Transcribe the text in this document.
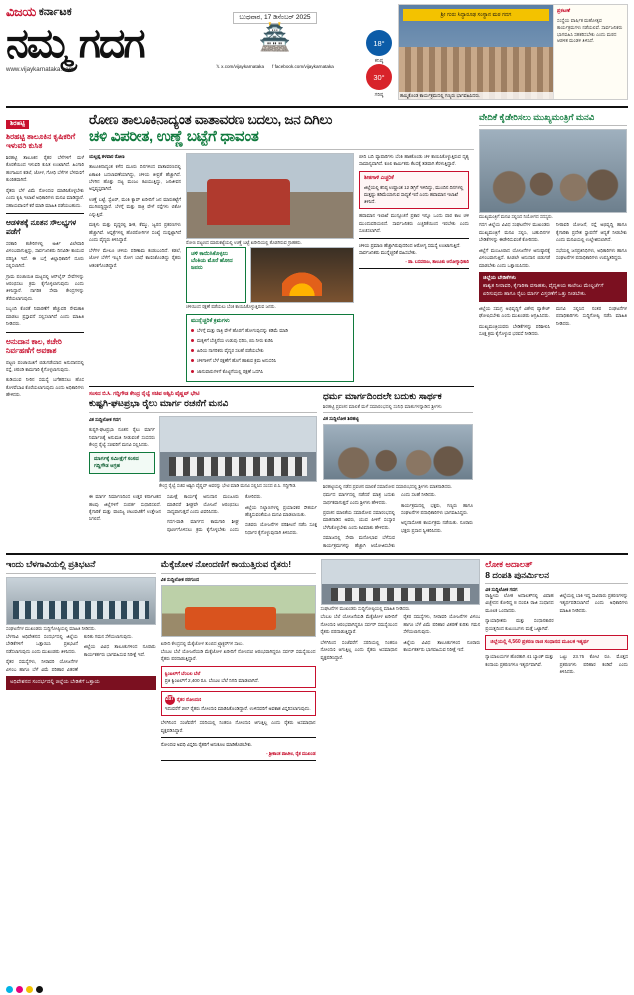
ವಿಜಯ ಕರ್ನಾಟಕ
ನಮ್ಮ ಗದಗ
www.vijaykarnataka.com
ಬುಧವಾರ, 17 ಡಿಸೆಂಬರ್ 2025
🏯	18°
ಕನಿಷ್ಠ
30°
ಗರಿಷ್ಠ
𝕏 x.com/vijaykarnataka f facebook.com/vijaykarnataka
ಶ್ರೀ ಗುರು ಸಿದ್ಧಾರೂಢ ಸಂಸ್ಥಾನ ಮಠ ಗದಗ
ಹಮ್ಮಿಕೊಂಡ ಕಾರ್ಯಕ್ರಮದಲ್ಲಿ ಗಣ್ಯರು ಭಾಗವಹಿಸಿದರು.
ಪ್ರಕಟಣೆ
ಸಂಸ್ಥೆಯ ವಾರ್ಷಿಕ ಮಹೋತ್ಸವ ಕಾರ್ಯಕ್ರಮಗಳು ನಡೆಯಲಿವೆ. ಸಾರ್ವಜನಿಕರು ಭಾಗವಹಿಸಿ ಸಹಕರಿಸಬೇಕು ಎಂದು ಮಠದ ಆಡಳಿತ ಮಂಡಳಿ ತಿಳಿಸಿದೆ.
ಶಿರಹಟ್ಟಿ
ಶಿರಹಟ್ಟಿ ತಾಲೂಕಿನ ಕೃಷಿಕರಿಗೆ ಇಳುವರಿ ಕುಸಿತ

ಶಿರಹಟ್ಟಿ ತಾಲೂಕಿನ ರೈತರ ಬೆಳೆಗಳಿಗೆ ಮಳೆ ಕೊರತೆಯಿಂದ ಇಳುವರಿ ಕುಸಿತ ಉಂಟಾಗಿದೆ. ಹಿಂಗಾರಿ ಹಂಗಾಮಿನ ಕಡಲೆ, ಜೋಳ, ಗೋಧಿ ಬೆಳೆಗಳ ಬೆಳವಣಿಗೆ ಕುಂಠಿತವಾಗಿದೆ.

ರೈತರು ಬೆಳೆ ವಿಮೆ ನೋಂದಣಿ ಮಾಡಿಸಿಕೊಳ್ಳಬೇಕು ಎಂದು ಕೃಷಿ ಇಲಾಖೆ ಅಧಿಕಾರಿಗಳು ಮನವಿ ಮಾಡಿದ್ದಾರೆ. ಸಹಾಯವಾಣಿಗೆ ಕರೆ ಮಾಡಿ ಮಾಹಿತಿ ಪಡೆಯಬಹುದು.

ಆಡಳಿತಕ್ಕೆ ನೂತನ ಸೌಲಭ್ಯಗಳ ಪಡೆಗೆ

ಸರಕಾರಿ ಕಚೇರಿಗಳಲ್ಲಿ ಅರ್ಜಿ ವಿಲೇವಾರಿ ವಿಳಂಬವಾಗುತ್ತಿದ್ದು, ಸಾರ್ವಜನಿಕರು ದಿನವಿಡೀ ಕಾಯುವ ಪರಿಸ್ಥಿತಿ ಇದೆ. ಈ ಬಗ್ಗೆ ಜಿಲ್ಲಾಧಿಕಾರಿಗೆ ದೂರು ಸಲ್ಲಿಸಲಾಗಿದೆ.

ಗ್ರಾಮ ಪಂಚಾಯಿತಿ ಮಟ್ಟದಲ್ಲಿ ಆನ್‌ಲೈನ್ ಸೇವೆಗಳನ್ನು ಆರಂಭಿಸಲು ಕ್ರಮ ಕೈಗೊಳ್ಳಲಾಗುವುದು ಎಂದು ತಿಳಿಸಿದ್ದಾರೆ. ನಾಗರಿಕ ಸೇವಾ ಕೇಂದ್ರಗಳನ್ನು ತೆರೆಯಲಾಗುವುದು.

ಸಿಬ್ಬಂದಿ ಕೊರತೆ ನಿವಾರಣೆಗೆ ಹೆಚ್ಚುವರಿ ನೇಮಕಾತಿ ಮಾಡಲು ಪ್ರಸ್ತಾವನೆ ಸಲ್ಲಿಸಲಾಗಿದೆ ಎಂದು ಮಾಹಿತಿ ನೀಡಿದರು.

ಅನುದಾನ ಕಾಲ, ಕಚೇರಿ ನಿರ್ವಹಣೆಗೆ ಅವಕಾಶ

ಪಟ್ಟಣ ಪಂಚಾಯಿತಿಗೆ ಬಿಡುಗಡೆಯಾದ ಅನುದಾನದಲ್ಲಿ ರಸ್ತೆ, ಚರಂಡಿ ಕಾಮಗಾರಿ ಕೈಗೊಳ್ಳಲಾಗುವುದು.

ಕುಡಿಯುವ ನೀರಿನ ಸಮಸ್ಯೆ ಬಗೆಹರಿಸಲು ಹೊಸ ಕೊಳವೆಬಾವಿ ಕೊರೆಯಲಾಗುವುದು ಎಂದು ಅಧಿಕಾರಿಗಳು ಹೇಳಿದರು.

ರೋಣ ತಾಲೂಕಿನಾದ್ಯಂತ ವಾತಾವರಣ ಬದಲು, ಜನ ದಿಗಿಲು
ಚಳಿ ವಿಪರೀತ, ಉಣ್ಣೆ ಬಟ್ಟೆಗೆ ಧಾವಂತ

ಯಲ್ಲಪ್ಪ ತಳವಾರ ರೋಣ

ತಾಲೂಕಿನಾದ್ಯಂತ ಕಳೆದ ಮೂರು ದಿನಗಳಿಂದ ವಾತಾವರಣದಲ್ಲಿ ಏಕಾಏಕಿ ಬದಲಾವಣೆಯಾಗಿದ್ದು, ಚಳಿಯ ತೀವ್ರತೆ ಹೆಚ್ಚಾಗಿದೆ. ಬೆಳಗಿನ ಹೊತ್ತು ದಟ್ಟ ಮಂಜು ಕವಿಯುತ್ತಿದ್ದು, ಜನಜೀವನ ಅಸ್ತವ್ಯಸ್ತವಾಗಿದೆ.

ಉಣ್ಣೆ ಬಟ್ಟೆ, ಸ್ವೆಟರ್, ಮಂಕಿ ಕ್ಯಾಪ್ ಖರೀದಿಗೆ ಜನ ಮಾರುಕಟ್ಟೆಗೆ ಮುಗಿಬಿದ್ದಿದ್ದಾರೆ. ಬೆಳಗ್ಗೆ ಮತ್ತು ರಾತ್ರಿ ವೇಳೆ ರಸ್ತೆಗಳು ಬಿಕೋ ಎನ್ನುತ್ತಿವೆ.

ಮಕ್ಕಳು ಮತ್ತು ವೃದ್ಧರಲ್ಲಿ ಶೀತ, ಕೆಮ್ಮು, ಜ್ವರದ ಪ್ರಕರಣಗಳು ಹೆಚ್ಚಾಗಿವೆ. ಆಸ್ಪತ್ರೆಗಳಲ್ಲಿ ಹೊರರೋಗಿಗಳ ಸಂಖ್ಯೆ ದುಪ್ಪಟ್ಟಾಗಿದೆ ಎಂದು ವೈದ್ಯರು ತಿಳಿಸಿದ್ದಾರೆ.

ಬೆಳೆಗಳ ಮೇಲೂ ಚಳಿಯ ಪರಿಣಾಮ ಕಂಡುಬಂದಿದೆ. ಕಡಲೆ, ಜೋಳ ಬೆಳೆಗೆ ಇಬ್ಬನಿ ರೋಗ ಬಾಧೆ ಕಾಣಿಸಿಕೊಂಡಿದ್ದು ರೈತರು ಆತಂಕಗೊಂಡಿದ್ದಾರೆ.

ರೋಣ ಪಟ್ಟಣದ ಮಾರುಕಟ್ಟೆಯಲ್ಲಿ ಉಣ್ಣೆ ಬಟ್ಟೆ ಖರೀದಿಯಲ್ಲಿ ತೊಡಗಿರುವ ಗ್ರಾಹಕರು.
ಚಳಿ ಕಾಯಿಸಿಕೊಳ್ಳಲು ಬೆಂಕಿಯ ಮೊರೆ ಹೋದ ಜನರು
ಚಳಿಯಿಂದ ರಕ್ಷಣೆ ಪಡೆಯಲು ಬೆಂಕಿ ಕಾಯಿಸಿಕೊಳ್ಳುತ್ತಿರುವ ಜನರು.
ಮುನ್ನೆಚ್ಚರಿಕೆ ಕ್ರಮಗಳು
ಬೆಳಗ್ಗೆ ಮತ್ತು ರಾತ್ರಿ ವೇಳೆ ಹೊರಗೆ ಹೋಗುವುದನ್ನು ಕಡಿಮೆ ಮಾಡಿ
ಮಕ್ಕಳಿಗೆ ಬೆಚ್ಚನೆಯ ಉಡುಪು ಧರಿಸಿ, ಬಿಸಿ ನೀರು ಕುಡಿಸಿ
ಹಿರಿಯ ನಾಗರಿಕರು ವೈದ್ಯರ ಸಲಹೆ ಪಡೆಯಬೇಕು
ಚಳಿಗಾಳಿಗೆ ಬೆಳೆ ರಕ್ಷಣೆಗೆ ಹೊಗೆ ಹಾಕುವ ಕ್ರಮ ಅನುಸರಿಸಿ
ಜಾನುವಾರುಗಳಿಗೆ ಕೊಟ್ಟಿಗೆಯಲ್ಲಿ ರಕ್ಷಣೆ ಒದಗಿಸಿ

ಬೀದಿ ಬದಿ ವ್ಯಾಪಾರಿಗಳು ಬೆಂಕಿ ಹಾಕಿಕೊಂಡು ಚಳಿ ಕಾಯಿಸಿಕೊಳ್ಳುತ್ತಿರುವ ದೃಶ್ಯ ಸಾಮಾನ್ಯವಾಗಿದೆ. ಕೂಲಿ ಕಾರ್ಮಿಕರು ಕೆಲಸಕ್ಕೆ ತಡವಾಗಿ ತೆರಳುತ್ತಿದ್ದಾರೆ.

ಶೀತಗಾಳಿ ಎಚ್ಚರಿಕೆ
ಜಿಲ್ಲೆಯಲ್ಲಿ ಕನಿಷ್ಠ ಉಷ್ಣಾಂಶ 12 ಡಿಗ್ರಿಗೆ ಇಳಿದಿದ್ದು, ಮುಂದಿನ ದಿನಗಳಲ್ಲಿ ಮತ್ತಷ್ಟು ಕಡಿಮೆಯಾಗುವ ಸಾಧ್ಯತೆ ಇದೆ ಎಂದು ಹವಾಮಾನ ಇಲಾಖೆ ತಿಳಿಸಿದೆ.

ಹವಾಮಾನ ಇಲಾಖೆ ಮುನ್ಸೂಚನೆ ಪ್ರಕಾರ ಇನ್ನೂ ಒಂದು ವಾರ ಕಾಲ ಚಳಿ ಮುಂದುವರಿಯಲಿದೆ. ಸಾರ್ವಜನಿಕರು ಎಚ್ಚರಿಕೆಯಿಂದ ಇರಬೇಕು ಎಂದು ಸೂಚಿಸಲಾಗಿದೆ.

ಚಳಿಯ ಪ್ರಮಾಣ ಹೆಚ್ಚಾಗಿರುವುದರಿಂದ ಆರೋಗ್ಯ ಸಮಸ್ಯೆ ಉಂಟಾಗುತ್ತಿದೆ. ಸಾರ್ವಜನಿಕರು ಮುನ್ನೆಚ್ಚರಿಕೆ ವಹಿಸಬೇಕು.
- ಡಾ. ಬಸವರಾಜ, ತಾಲೂಕು ಆರೋಗ್ಯಾಧಿಕಾರಿ
ಸಂಸದ ಬಿ.ಸಿ. ಗದ್ದಿಗೌಡ ಕೇಂದ್ರ ರೈಲ್ವೆ ಸಚಿವ ಅಶ್ವಿನಿ ವೈಷ್ಣವ್ ಭೇಟಿ
ಕುಷ್ಟಗಿ-ಘಟಪ್ರಭಾ ರೈಲು ಮಾರ್ಗ ರಚನೆಗೆ ಮನವಿ

ವಿಕ ಸುದ್ದಿಲೋಕ ಗದಗ

ಕುಷ್ಟಗಿ-ಘಟಪ್ರಭಾ ನೂತನ ರೈಲು ಮಾರ್ಗ ನಿರ್ಮಾಣಕ್ಕೆ ಅನುಮತಿ ನೀಡುವಂತೆ ಸಂಸದರು ಕೇಂದ್ರ ರೈಲ್ವೆ ಸಚಿವರಿಗೆ ಮನವಿ ಸಲ್ಲಿಸಿದರು.

ಮಾರ್ಗಕ್ಕೆ ಸಮೀಕ್ಷೆಗೆ ಸಂಸದ ಗದ್ದಿಗೌಡ ಆಗ್ರಹ
ಕೇಂದ್ರ ರೈಲ್ವೆ ಸಚಿವ ಅಶ್ವಿನಿ ವೈಷ್ಣವ್ ಅವರನ್ನು ಭೇಟಿ ಮಾಡಿ ಮನವಿ ಸಲ್ಲಿಸಿದ ಸಂಸದ ಬಿ.ಸಿ. ಗದ್ದಿಗೌಡ.

ಈ ಮಾರ್ಗ ನಿರ್ಮಾಣದಿಂದ ಉತ್ತರ ಕರ್ನಾಟಕದ ಹಲವು ಜಿಲ್ಲೆಗಳಿಗೆ ಸಂಪರ್ಕ ಸುಧಾರಿಸಲಿದೆ. ಕೈಗಾರಿಕೆ ಮತ್ತು ವಾಣಿಜ್ಯ ಚಟುವಟಿಕೆಗೆ ಉತ್ತೇಜನ ಸಿಗಲಿದೆ.

ಸಮೀಕ್ಷೆ ಕಾರ್ಯಕ್ಕೆ ಅನುದಾನ ಮಂಜೂರು ಮಾಡಿದರೆ ಶೀಘ್ರವೇ ಯೋಜನೆ ಆರಂಭಿಸಲು ಸಾಧ್ಯವಾಗುತ್ತದೆ ಎಂದು ವಿವರಿಸಿದರು.

ಗದಗ-ವಾಡಿ ಮಾರ್ಗದ ಕಾಮಗಾರಿ ಶೀಘ್ರ ಪೂರ್ಣಗೊಳಿಸಲು ಕ್ರಮ ಕೈಗೊಳ್ಳಬೇಕು ಎಂದು ಕೋರಿದರು.

ಜಿಲ್ಲೆಯ ನಿಲ್ದಾಣಗಳಲ್ಲಿ ಪ್ರಯಾಣಿಕರ ಸೌಕರ್ಯ ಹೆಚ್ಚಿಸುವಂತೆಯೂ ಮನವಿ ಮಾಡಲಾಯಿತು.

ಸಚಿವರು ಯೋಜನೆಗಳ ಪರಿಶೀಲನೆ ನಡೆಸಿ ಸೂಕ್ತ ನಿರ್ಧಾರ ಕೈಗೊಳ್ಳುವುದಾಗಿ ತಿಳಿಸಿದರು.

ಧರ್ಮ ಮಾರ್ಗದಿಂದಲೇ ಬದುಕು ಸಾರ್ಥಕ
ಶಿರಹಟ್ಟಿ ಪ್ರವಚನ ಮಾಲಿಕೆ ಮಳೆ ಸಮಾರಂಭದಲ್ಲಿ ಸಂನಿಧಿ ಮಾತುಗಳನ್ನಾಡಿದ ಶ್ರೀಗಳು
ವಿಕ ಸುದ್ದಿಲೋಕ ಶಿರಹಟ್ಟಿ
ಶಿರಹಟ್ಟಿಯಲ್ಲಿ ನಡೆದ ಪ್ರವಚನ ಮಾಲಿಕೆ ಸಮಾರೋಪ ಸಮಾರಂಭದಲ್ಲಿ ಶ್ರೀಗಳು ಮಾತನಾಡಿದರು.

ಧರ್ಮದ ಮಾರ್ಗದಲ್ಲಿ ನಡೆದರೆ ಮಾತ್ರ ಬದುಕು ಸಾರ್ಥಕವಾಗುತ್ತದೆ ಎಂದು ಶ್ರೀಗಳು ಹೇಳಿದರು.

ಪ್ರವಚನ ಮಾಲಿಕೆಯ ಸಮಾರೋಪ ಸಮಾರಂಭದಲ್ಲಿ ಮಾತನಾಡಿದ ಅವರು, ಯುವ ಪೀಳಿಗೆ ಸಂಸ್ಕಾರ ಬೆಳೆಸಿಕೊಳ್ಳಬೇಕು ಎಂದು ಕಿವಿಮಾತು ಹೇಳಿದರು.

ಸಮಾಜದಲ್ಲಿ ಸೇವಾ ಮನೋಭಾವ ಬೆಳೆಸುವ ಕಾರ್ಯಕ್ರಮಗಳನ್ನು ಹೆಚ್ಚಾಗಿ ಆಯೋಜಿಸಬೇಕು ಎಂದು ಸಲಹೆ ನೀಡಿದರು.

ಕಾರ್ಯಕ್ರಮದಲ್ಲಿ ಭಕ್ತರು, ಗಣ್ಯರು ಹಾಗೂ ಸಂಘಟನೆಗಳ ಪದಾಧಿಕಾರಿಗಳು ಭಾಗವಹಿಸಿದ್ದರು.

ಅನ್ನದಾಸೋಹ ಕಾರ್ಯಕ್ರಮ ನಡೆಯಿತು. ನೂರಾರು ಭಕ್ತರು ಪ್ರಸಾದ ಸ್ವೀಕರಿಸಿದರು.

ವೇದಿಕೆ ಕೈಡೇರಿಸಲು ಮುಖ್ಯಮಂತ್ರಿಗೆ ಮನವಿ
ಮುಖ್ಯಮಂತ್ರಿಗೆ ಮನವಿ ಸಲ್ಲಿಸಿದ ನಿಯೋಗದ ಸದಸ್ಯರು.

ಗದಗ ಜಿಲ್ಲೆಯ ವಿವಿಧ ಸಂಘಟನೆಗಳ ಮುಖಂಡರು ಮುಖ್ಯಮಂತ್ರಿಗೆ ಮನವಿ ಸಲ್ಲಿಸಿ, ಬಹುದಿನಗಳ ಬೇಡಿಕೆಗಳನ್ನು ಈಡೇರಿಸುವಂತೆ ಕೋರಿದರು.

ಜಿಲ್ಲೆಗೆ ಮಂಜೂರಾದ ಯೋಜನೆಗಳ ಅನುಷ್ಠಾನಕ್ಕೆ ವಿಳಂಬವಾಗುತ್ತಿದೆ. ಕೂಡಲೇ ಅನುದಾನ ಬಿಡುಗಡೆ ಮಾಡಬೇಕು ಎಂದು ಒತ್ತಾಯಿಸಿದರು.

ನೀರಾವರಿ ಯೋಜನೆ, ರಸ್ತೆ ಅಭಿವೃದ್ಧಿ ಹಾಗೂ ಕೈಗಾರಿಕಾ ಪ್ರದೇಶ ಸ್ಥಾಪನೆಗೆ ಆದ್ಯತೆ ನೀಡಬೇಕು ಎಂದು ಮನವಿಯಲ್ಲಿ ಉಲ್ಲೇಖಿಸಲಾಗಿದೆ.

ಸಭೆಯಲ್ಲಿ ಜನಪ್ರತಿನಿಧಿಗಳು, ಅಧಿಕಾರಿಗಳು ಹಾಗೂ ಸಂಘಟನೆಗಳ ಪದಾಧಿಕಾರಿಗಳು ಉಪಸ್ಥಿತರಿದ್ದರು.

ಜಿಲ್ಲೆಯ ಬೇಡಿಕೆಗಳು
ಶಾಶ್ವತ ನೀರಾವರಿ, ಕೈಗಾರಿಕಾ ವಸಾಹತು, ವೈದ್ಯಕೀಯ ಕಾಲೇಜು ಮೇಲ್ದರ್ಜೆಗೆ ಏರಿಸುವುದು ಹಾಗೂ ರೈಲು ಮಾರ್ಗ ವಿಸ್ತರಣೆಗೆ ಒತ್ತು ನೀಡಬೇಕು.

ಜಿಲ್ಲೆಯ ಸಮಗ್ರ ಅಭಿವೃದ್ಧಿಗೆ ವಿಶೇಷ ಪ್ಯಾಕೇಜ್ ಘೋಷಿಸಬೇಕು ಎಂದು ಮುಖಂಡರು ಆಗ್ರಹಿಸಿದರು.

ಮುಖ್ಯಮಂತ್ರಿಯವರು ಬೇಡಿಕೆಗಳನ್ನು ಪರಿಶೀಲಿಸಿ ಸೂಕ್ತ ಕ್ರಮ ಕೈಗೊಳ್ಳುವ ಭರವಸೆ ನೀಡಿದರು.

ಮನವಿ ಸಲ್ಲಿಸಿದ ನಂತರ ಸಂಘಟನೆಗಳ ಪದಾಧಿಕಾರಿಗಳು ಸುದ್ದಿಗೋಷ್ಠಿ ನಡೆಸಿ ಮಾಹಿತಿ ನೀಡಿದರು.

ಇಂದು ಬೆಳಗಾವಿಯಲ್ಲಿ ಪ್ರತಿಭಟನೆ
ಸಂಘಟನೆಗಳ ಮುಖಂಡರು ಸುದ್ದಿಗೋಷ್ಠಿಯಲ್ಲಿ ಮಾಹಿತಿ ನೀಡಿದರು.

ಬೆಳಗಾವಿ ಅಧಿವೇಶನದ ಸಂದರ್ಭದಲ್ಲಿ ಜಿಲ್ಲೆಯ ಬೇಡಿಕೆಗಳಿಗೆ ಒತ್ತಾಯಿಸಿ ಪ್ರತಿಭಟನೆ ನಡೆಸಲಾಗುವುದು ಎಂದು ಮುಖಂಡರು ತಿಳಿಸಿದರು.

ರೈತರ ಸಮಸ್ಯೆಗಳು, ನೀರಾವರಿ ಯೋಜನೆಗಳ ವಿಳಂಬ ಹಾಗೂ ಬೆಳೆ ವಿಮೆ ಪರಿಹಾರ ವಿತರಣೆ ಕುರಿತು ಗಮನ ಸೆಳೆಯಲಾಗುವುದು.

ಜಿಲ್ಲೆಯ ವಿವಿಧ ತಾಲೂಕುಗಳಿಂದ ನೂರಾರು ಕಾರ್ಯಕರ್ತರು ಭಾಗವಹಿಸುವ ನಿರೀಕ್ಷೆ ಇದೆ.

ಅಧಿವೇಶನದ ಸಂದರ್ಭದಲ್ಲಿ ಜಿಲ್ಲೆಯ ಬೇಡಿಕೆಗೆ ಒತ್ತಾಯ
ಮೆಕ್ಕೆಜೋಳ ನೋಂದಣಿಗೆ ಕಾಯುತ್ತಿರುವ ರೈತರು!
ವಿಕ ಸುದ್ದಿಲೋಕ ನರಗುಂದ
ಖರೀದಿ ಕೇಂದ್ರದಲ್ಲಿ ಮೆಕ್ಕೆಜೋಳ ತುಂಬಿದ ಟ್ರ್ಯಾಕ್ಟರ್‌ಗಳ ಸಾಲು.

ಬೆಂಬಲ ಬೆಲೆ ಯೋಜನೆಯಡಿ ಮೆಕ್ಕೆಜೋಳ ಖರೀದಿಗೆ ನೋಂದಣಿ ಆರಂಭವಾಗಿದ್ದರೂ ಸರ್ವರ್ ಸಮಸ್ಯೆಯಿಂದ ರೈತರು ಪರದಾಡುತ್ತಿದ್ದಾರೆ.

ಕ್ವಿಂಟಲ್‌ಗೆ ಬೆಂಬಲ ಬೆಲೆ
ಪ್ರತಿ ಕ್ವಿಂಟಲ್‌ಗೆ 2,400 ರೂ. ಬೆಂಬಲ ಬೆಲೆ ನಿಗದಿ ಮಾಡಲಾಗಿದೆ.
287 ರೈತರ ನೋಂದಣಿ
ಇದುವರೆಗೆ 287 ರೈತರು ನೋಂದಣಿ ಮಾಡಿಸಿಕೊಂಡಿದ್ದಾರೆ. ಉಳಿದವರಿಗೆ ಅವಕಾಶ ವಿಸ್ತರಿಸಲಾಗುವುದು.

ಬೆಳಗಿನಿಂದ ಸಂಜೆವರೆಗೆ ಸರದಿಯಲ್ಲಿ ನಿಂತರೂ ನೋಂದಣಿ ಆಗುತ್ತಿಲ್ಲ ಎಂದು ರೈತರು ಅಸಮಾಧಾನ ವ್ಯಕ್ತಪಡಿಸಿದ್ದಾರೆ.

ನೋಂದಣಿ ಅವಧಿ ವಿಸ್ತರಿಸಿ ರೈತರಿಗೆ ಅನುಕೂಲ ಮಾಡಿಕೊಡಬೇಕು.
- ಶ್ರೀಕಾಂತ ಪಾಟೀಲ, ರೈತ ಮುಖಂಡ
ಸಂಘಟನೆಗಳ ಮುಖಂಡರು ಸುದ್ದಿಗೋಷ್ಠಿಯಲ್ಲಿ ಮಾಹಿತಿ ನೀಡಿದರು.

ಬೆಂಬಲ ಬೆಲೆ ಯೋಜನೆಯಡಿ ಮೆಕ್ಕೆಜೋಳ ಖರೀದಿಗೆ ನೋಂದಣಿ ಆರಂಭವಾಗಿದ್ದರೂ ಸರ್ವರ್ ಸಮಸ್ಯೆಯಿಂದ ರೈತರು ಪರದಾಡುತ್ತಿದ್ದಾರೆ.

ಬೆಳಗಿನಿಂದ ಸಂಜೆವರೆಗೆ ಸರದಿಯಲ್ಲಿ ನಿಂತರೂ ನೋಂದಣಿ ಆಗುತ್ತಿಲ್ಲ ಎಂದು ರೈತರು ಅಸಮಾಧಾನ ವ್ಯಕ್ತಪಡಿಸಿದ್ದಾರೆ.

ರೈತರ ಸಮಸ್ಯೆಗಳು, ನೀರಾವರಿ ಯೋಜನೆಗಳ ವಿಳಂಬ ಹಾಗೂ ಬೆಳೆ ವಿಮೆ ಪರಿಹಾರ ವಿತರಣೆ ಕುರಿತು ಗಮನ ಸೆಳೆಯಲಾಗುವುದು.

ಜಿಲ್ಲೆಯ ವಿವಿಧ ತಾಲೂಕುಗಳಿಂದ ನೂರಾರು ಕಾರ್ಯಕರ್ತರು ಭಾಗವಹಿಸುವ ನಿರೀಕ್ಷೆ ಇದೆ.

ಲೋಕ ಅದಾಲತ್
8 ದಂಪತಿ ಪುನರ್ಮಿಲನ
ವಿಕ ಸುದ್ದಿಲೋಕ ಗದಗ

ರಾಷ್ಟ್ರೀಯ ಲೋಕ ಅದಾಲತ್‌ನಲ್ಲಿ ವಿವಾಹ ವಿಚ್ಛೇದನ ಕೋರಿದ್ದ 8 ದಂಪತಿ ರಾಜಿ ಸಂಧಾನದ ಮೂಲಕ ಒಂದಾದರು.

ನ್ಯಾಯಾಧೀಶರು ಮತ್ತು ಸಂಧಾನಕಾರರ ಪ್ರಯತ್ನದಿಂದ ಕುಟುಂಬಗಳು ಮತ್ತೆ ಒಟ್ಟಾಗಿವೆ.

ಜಿಲ್ಲೆಯಲ್ಲಿ ಬಾಕಿ ಇದ್ದ ಸಾವಿರಾರು ಪ್ರಕರಣಗಳನ್ನು ಇತ್ಯರ್ಥಪಡಿಸಲಾಗಿದೆ ಎಂದು ಅಧಿಕಾರಿಗಳು ಮಾಹಿತಿ ನೀಡಿದರು.

ಜಿಲ್ಲೆಯಲ್ಲಿ 4,560 ಪ್ರಕರಣ ರಾಜಿ ಸಂಧಾನದ ಮೂಲಕ ಇತ್ಯರ್ಥ

ನ್ಯಾಯಾಲಯಗಳ ಹೊರತಾಗಿ 41 ಬ್ಯಾಂಕ್ ಮತ್ತು ಕಂದಾಯ ಪ್ರಕರಣಗಳೂ ಇತ್ಯರ್ಥವಾಗಿವೆ.

ಒಟ್ಟು 23.75 ಕೋಟಿ ರೂ. ಮೊತ್ತದ ಪ್ರಕರಣಗಳು ಪರಿಹಾರ ಕಂಡಿವೆ ಎಂದು ತಿಳಿಸಿದರು.
